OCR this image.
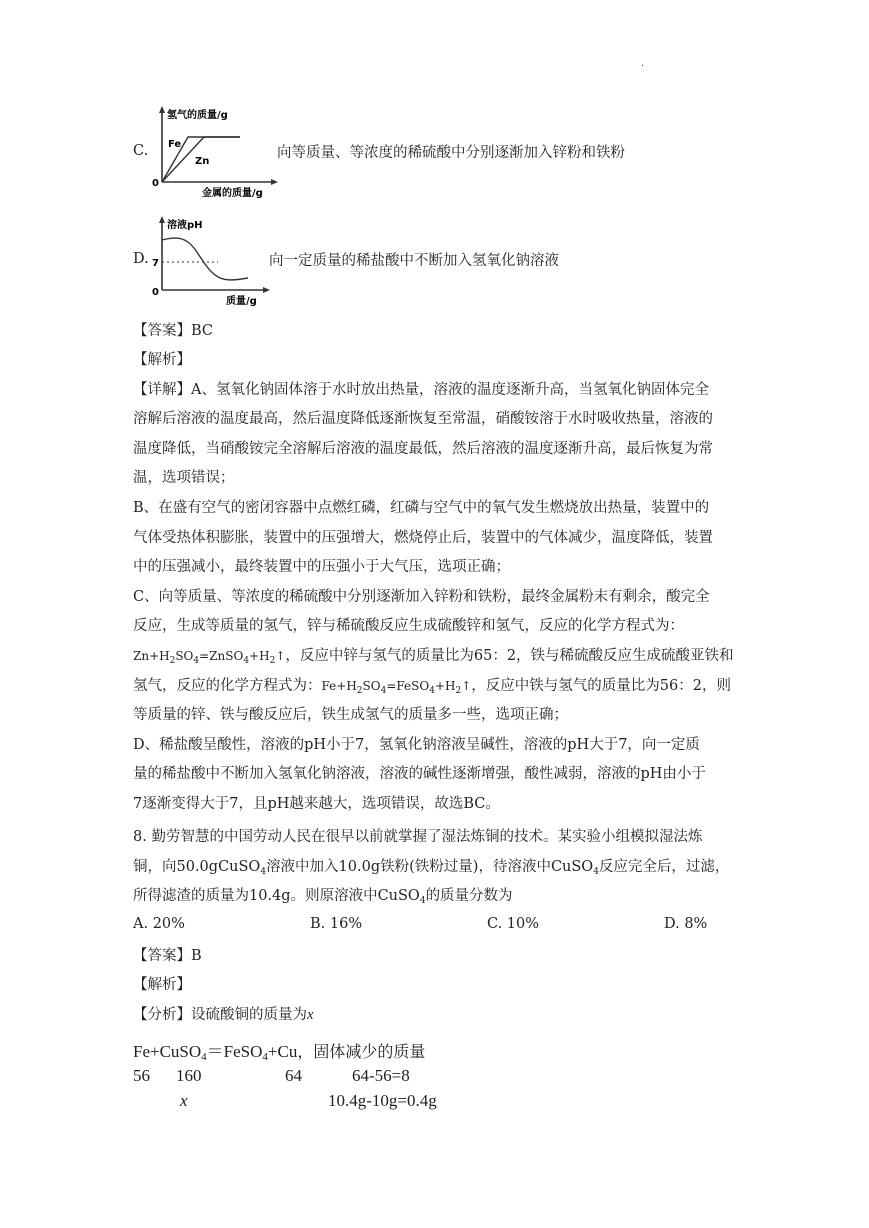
.
C.
氢气的质量/g
Fe
Zn
0
金属的质量/g
向等质量、等浓度的稀硫酸中分别逐渐加入锌粉和铁粉
D.
溶液pH
7
0
质量/g
向一定质量的稀盐酸中不断加入氢氧化钠溶液
【答案】BC
【解析】
【详解】A、氢氧化钠固体溶于水时放出热量，溶液的温度逐渐升高，当氢氧化钠固体完全
溶解后溶液的温度最高，然后温度降低逐渐恢复至常温，硝酸铵溶于水时吸收热量，溶液的
温度降低，当硝酸铵完全溶解后溶液的温度最低，然后溶液的温度逐渐升高，最后恢复为常
温，选项错误；
B、在盛有空气的密闭容器中点燃红磷，红磷与空气中的氧气发生燃烧放出热量，装置中的
气体受热体积膨胀，装置中的压强增大，燃烧停止后，装置中的气体减少，温度降低，装置
中的压强减小，最终装置中的压强小于大气压，选项正确；
C、向等质量、等浓度的稀硫酸中分别逐渐加入锌粉和铁粉，最终金属粉末有剩余，酸完全
反应，生成等质量的氢气，锌与稀硫酸反应生成硫酸锌和氢气，反应的化学方程式为：
$Zn+H_2SO_4=ZnSO_4+H_2↑$，反应中锌与氢气的质量比为65：2，铁与稀硫酸反应生成硫酸亚铁和
氢气，反应的化学方程式为：$Fe+H_2SO_4=FeSO_4+H_2↑$，反应中铁与氢气的质量比为56：2，则
等质量的锌、铁与酸反应后，铁生成氢气的质量多一些，选项正确；
D、稀盐酸呈酸性，溶液的pH小于7，氢氧化钠溶液呈碱性，溶液的pH大于7，向一定质
量的稀盐酸中不断加入氢氧化钠溶液，溶液的碱性逐渐增强，酸性减弱，溶液的pH由小于
7逐渐变得大于7，且pH越来越大，选项错误，故选BC。
8. 勤劳智慧的中国劳动人民在很早以前就掌握了湿法炼铜的技术。某实验小组模拟湿法炼
铜，向50.0gCuSO$_4$溶液中加入10.0g铁粉(铁粉过量)，待溶液中CuSO$_4$反应完全后，过滤，
所得滤渣的质量为10.4g。则原溶液中CuSO$_4$的质量分数为
A. 20%	B. 16%	C. 10%	D. 8%
【答案】B
【解析】
【分析】设硫酸铜的质量为x
Fe+CuSO$_4$＝FeSO$_4$+Cu，固体减少的质量
56 160	64	64-56=8
x	10.4g-10g=0.4g
